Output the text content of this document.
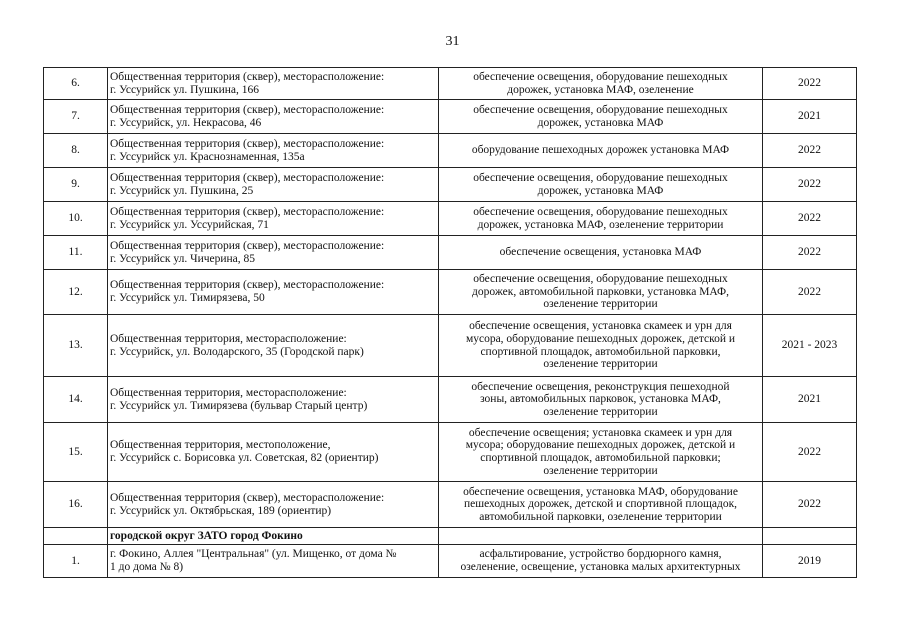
31
6.	Общественная территория (сквер), месторасположение:
г. Уссурийск ул. Пушкина, 166	обеспечение освещения, оборудование пешеходных
дорожек, установка МАФ, озеленение	2022
7.	Общественная территория (сквер), месторасположение:
г. Уссурийск, ул. Некрасова, 46	обеспечение освещения, оборудование пешеходных
дорожек, установка МАФ	2021
8.	Общественная территория (сквер), месторасположение:
г. Уссурийск ул. Краснознаменная, 135а	оборудование пешеходных дорожек установка МАФ	2022
9.	Общественная территория (сквер), месторасположение:
г. Уссурийск ул. Пушкина, 25	обеспечение освещения, оборудование пешеходных
дорожек, установка МАФ	2022
10.	Общественная территория (сквер), месторасположение:
г. Уссурийск ул. Уссурийская, 71	обеспечение освещения, оборудование пешеходных
дорожек, установка МАФ, озеленение территории	2022
11.	Общественная территория (сквер), месторасположение:
г. Уссурийск ул. Чичерина, 85	обеспечение освещения, установка МАФ	2022
12.	Общественная территория (сквер), месторасположение:
г. Уссурийск ул. Тимирязева, 50	обеспечение освещения, оборудование пешеходных
дорожек, автомобильной парковки, установка МАФ,
озеленение территории	2022
13.	Общественная территория, месторасположение:
г. Уссурийск, ул. Володарского, 35 (Городской парк)	обеспечение освещения, установка скамеек и урн для
мусора, оборудование пешеходных дорожек, детской и
спортивной площадок, автомобильной парковки,
озеленение территории	2021 - 2023
14.	Общественная территория, месторасположение:
г. Уссурийск ул. Тимирязева (бульвар Старый центр)	обеспечение освещения, реконструкция пешеходной
зоны, автомобильных парковок, установка МАФ,
озеленение территории	2021
15.	Общественная территория, местоположение,
г. Уссурийск с. Борисовка ул. Советская, 82 (ориентир)	обеспечение освещения; установка скамеек и урн для
мусора; оборудование пешеходных дорожек, детской и
спортивной площадок, автомобильной парковки;
озеленение территории	2022
16.	Общественная территория (сквер), месторасположение:
г. Уссурийск ул. Октябрьская, 189 (ориентир)	обеспечение освещения, установка МАФ, оборудование
пешеходных дорожек, детской и спортивной площадок,
автомобильной парковки, озеленение территории	2022
	городской округ ЗАТО город Фокино		
1.	г. Фокино, Аллея "Центральная" (ул. Мищенко, от дома №
1 до дома № 8)	асфальтирование, устройство бордюрного камня,
озеленение, освещение, установка малых архитектурных	2019
